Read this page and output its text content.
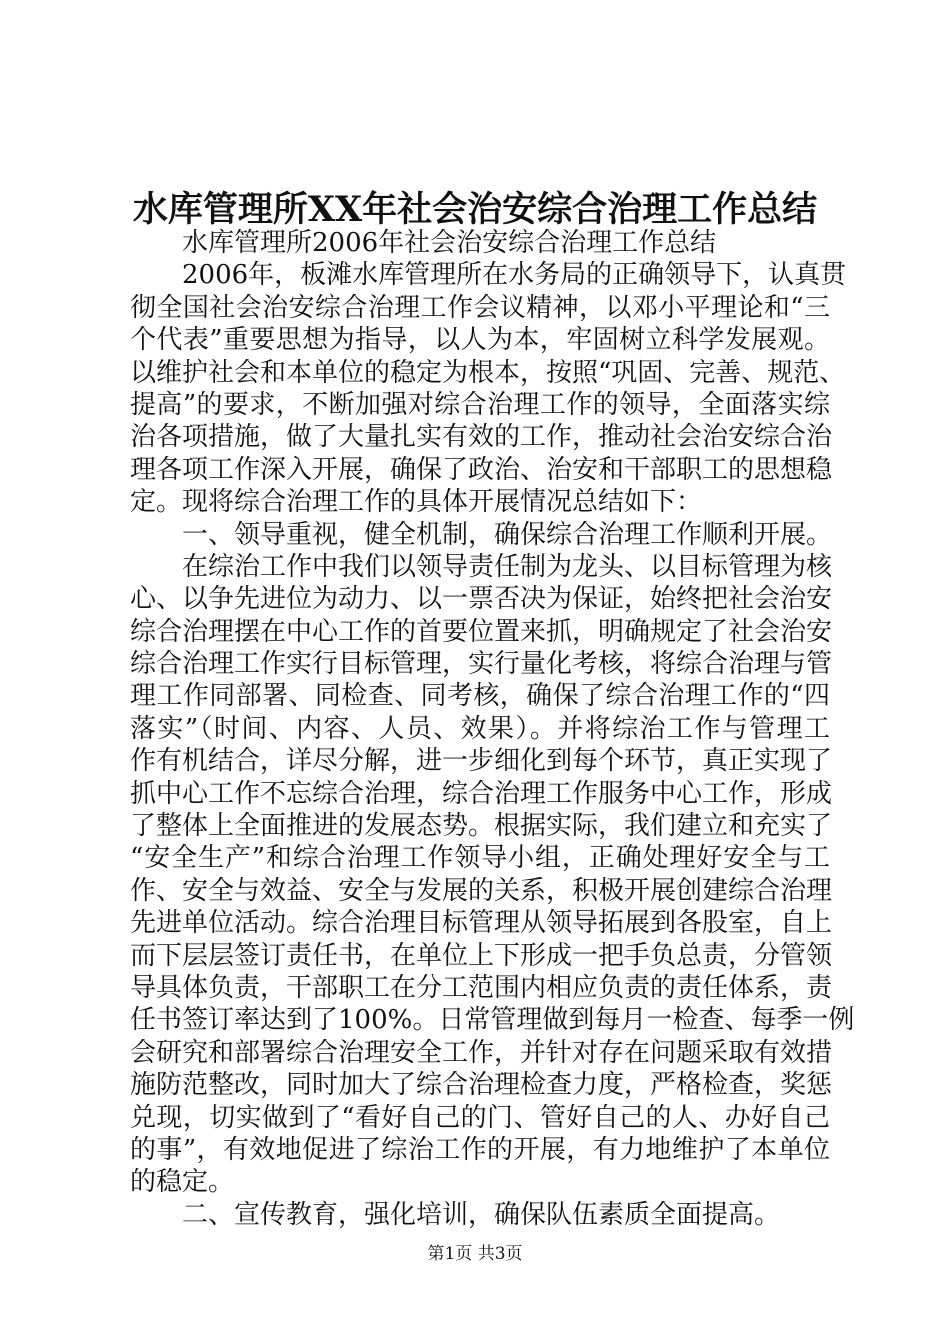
水库管理所XX年社会治安综合治理工作总结
水库管理所2006年社会治安综合治理工作总结
2006年，板滩水库管理所在水务局的正确领导下，认真贯
彻全国社会治安综合治理工作会议精神，以邓小平理论和“三
个代表”重要思想为指导，以人为本，牢固树立科学发展观。
以维护社会和本单位的稳定为根本，按照“巩固、完善、规范、
提高”的要求，不断加强对综合治理工作的领导，全面落实综
治各项措施，做了大量扎实有效的工作，推动社会治安综合治
理各项工作深入开展，确保了政治、治安和干部职工的思想稳
定。现将综合治理工作的具体开展情况总结如下：
一、领导重视，健全机制，确保综合治理工作顺利开展。
在综治工作中我们以领导责任制为龙头、以目标管理为核
心、以争先进位为动力、以一票否决为保证，始终把社会治安
综合治理摆在中心工作的首要位置来抓，明确规定了社会治安
综合治理工作实行目标管理，实行量化考核，将综合治理与管
理工作同部署、同检查、同考核，确保了综合治理工作的“四
落实”（时间、内容、人员、效果）。并将综治工作与管理工
作有机结合，详尽分解，进一步细化到每个环节，真正实现了
抓中心工作不忘综合治理，综合治理工作服务中心工作，形成
了整体上全面推进的发展态势。根据实际，我们建立和充实了
“安全生产”和综合治理工作领导小组，正确处理好安全与工
作、安全与效益、安全与发展的关系，积极开展创建综合治理
先进单位活动。综合治理目标管理从领导拓展到各股室，自上
而下层层签订责任书，在单位上下形成一把手负总责，分管领
导具体负责，干部职工在分工范围内相应负责的责任体系，责
任书签订率达到了100%。日常管理做到每月一检查、每季一例
会研究和部署综合治理安全工作，并针对存在问题采取有效措
施防范整改，同时加大了综合治理检查力度，严格检查，奖惩
兑现，切实做到了“看好自己的门、管好自己的人、办好自己
的事”，有效地促进了综治工作的开展，有力地维护了本单位
的稳定。
二、宣传教育，强化培训，确保队伍素质全面提高。
第1页 共3页
